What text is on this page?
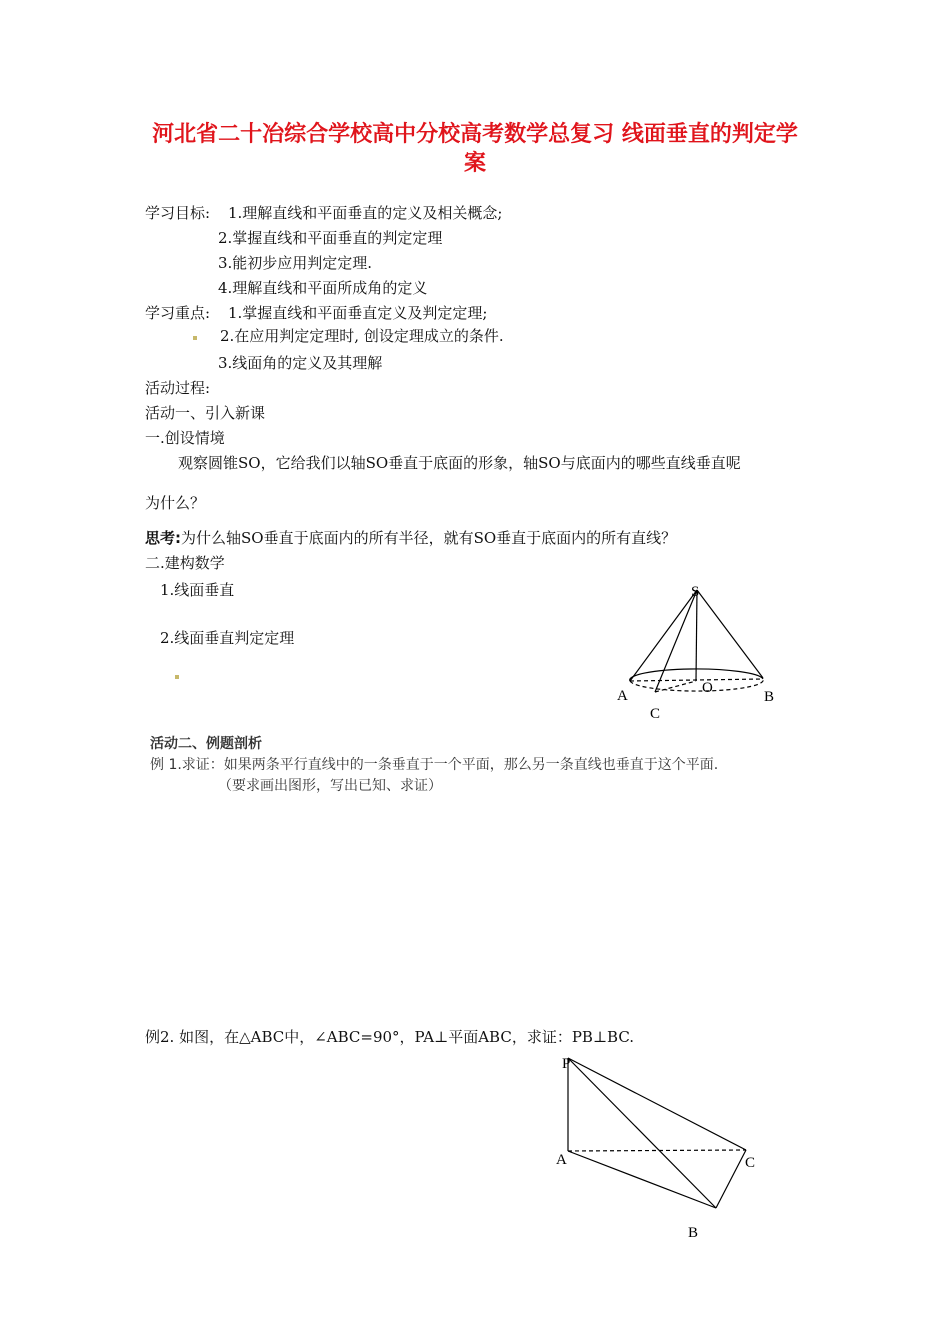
河北省二十冶综合学校高中分校高考数学总复习 线面垂直的判定学
案
学习目标: 1.理解直线和平面垂直的定义及相关概念;
2.掌握直线和平面垂直的判定定理
3.能初步应用判定定理.
4.理解直线和平面所成角的定义
学习重点: 1.掌握直线和平面垂直定义及判定定理;
2.在应用判定定理时, 创设定理成立的条件.
3.线面角的定义及其理解
活动过程:
活动一、引入新课
一.创设情境
观察圆锥SO，它给我们以轴SO垂直于底面的形象，轴SO与底面内的哪些直线垂直呢
为什么？
思考:为什么轴SO垂直于底面内的所有半径，就有SO垂直于底面内的所有直线？
二.建构数学
1.线面垂直
2.线面垂直判定定理
S
A	O
B
C
活动二、例题剖析
例 1.求证：如果两条平行直线中的一条垂直于一个平面，那么另一条直线也垂直于这个平面.
（要求画出图形，写出已知、求证）
例2. 如图，在△ABC中，∠ABC=90°，PA⊥平面ABC，求证：PB⊥BC.
P
A	C
B
